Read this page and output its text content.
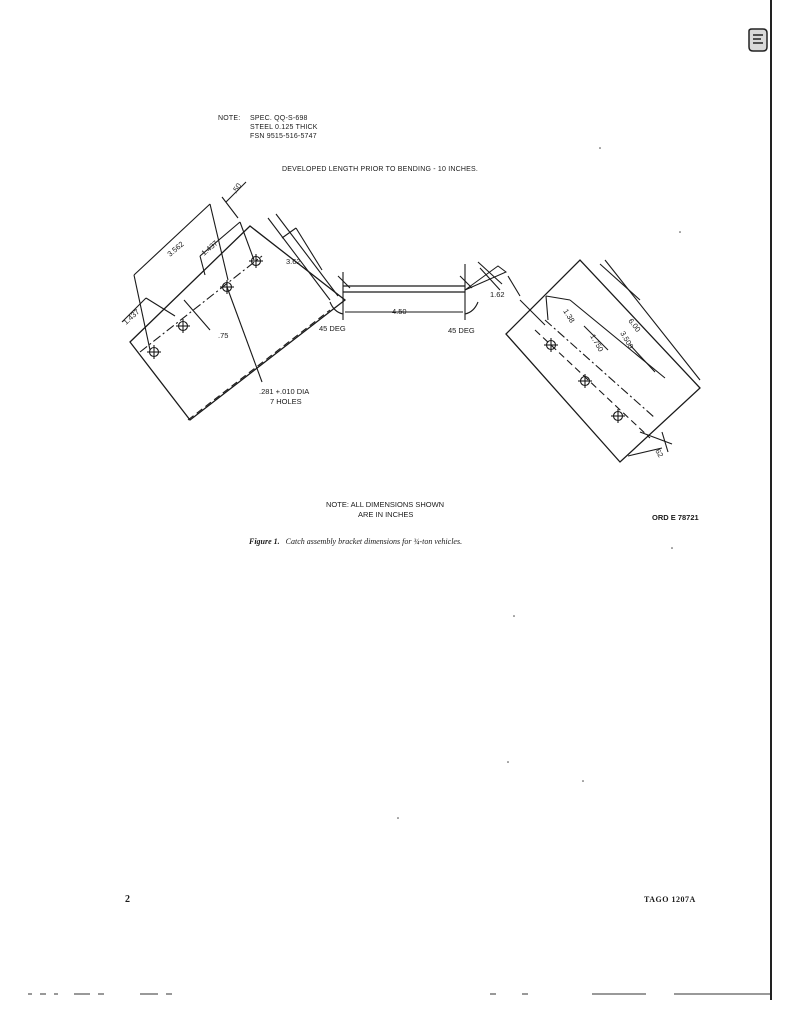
NOTE: SPEC. QQ-S-698
STEEL 0.125 THICK
FSN 9515-516-5747
DEVELOPED LENGTH PRIOR TO BENDING - 10 INCHES.
.50
3.562 1.437
3.62
1.437
.75
.281 +.010 DIA
7 HOLES
45 DEG
4.50
45 DEG
1.62
1.38
6.00
1.750 3.500
.62
NOTE: ALL DIMENSIONS SHOWN
ARE IN INCHES	ORD E 78721
Figure 1. Catch assembly bracket dimensions for ¾-ton vehicles.
2	TAGO 1207A
